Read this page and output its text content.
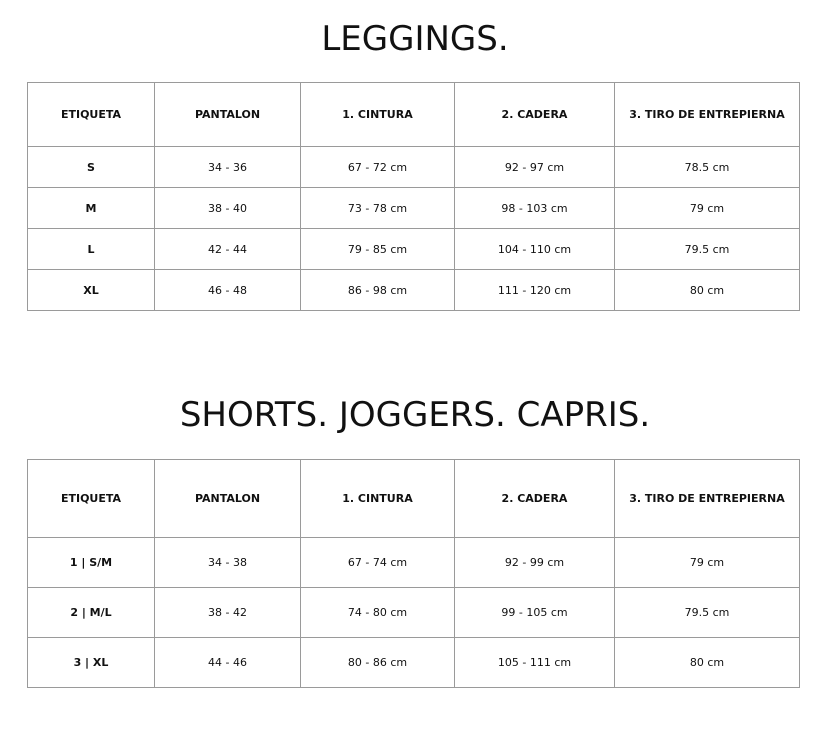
LEGGINGS.
ETIQUETA	PANTALON	1. CINTURA	2. CADERA	3. TIRO DE ENTREPIERNA
S	34 - 36	67 - 72 cm	92 - 97 cm	78.5 cm
M	38 - 40	73 - 78 cm	98 - 103 cm	79 cm
L	42 - 44	79 - 85 cm	104 - 110 cm	79.5 cm
XL	46 - 48	86 - 98 cm	111 - 120 cm	80 cm
SHORTS. JOGGERS. CAPRIS.
ETIQUETA	PANTALON	1. CINTURA	2. CADERA	3. TIRO DE ENTREPIERNA
1 | S/M	34 - 38	67 - 74 cm	92 - 99 cm	79 cm
2 | M/L	38 - 42	74 - 80 cm	99 - 105 cm	79.5 cm
3 | XL	44 - 46	80 - 86 cm	105 - 111 cm	80 cm
